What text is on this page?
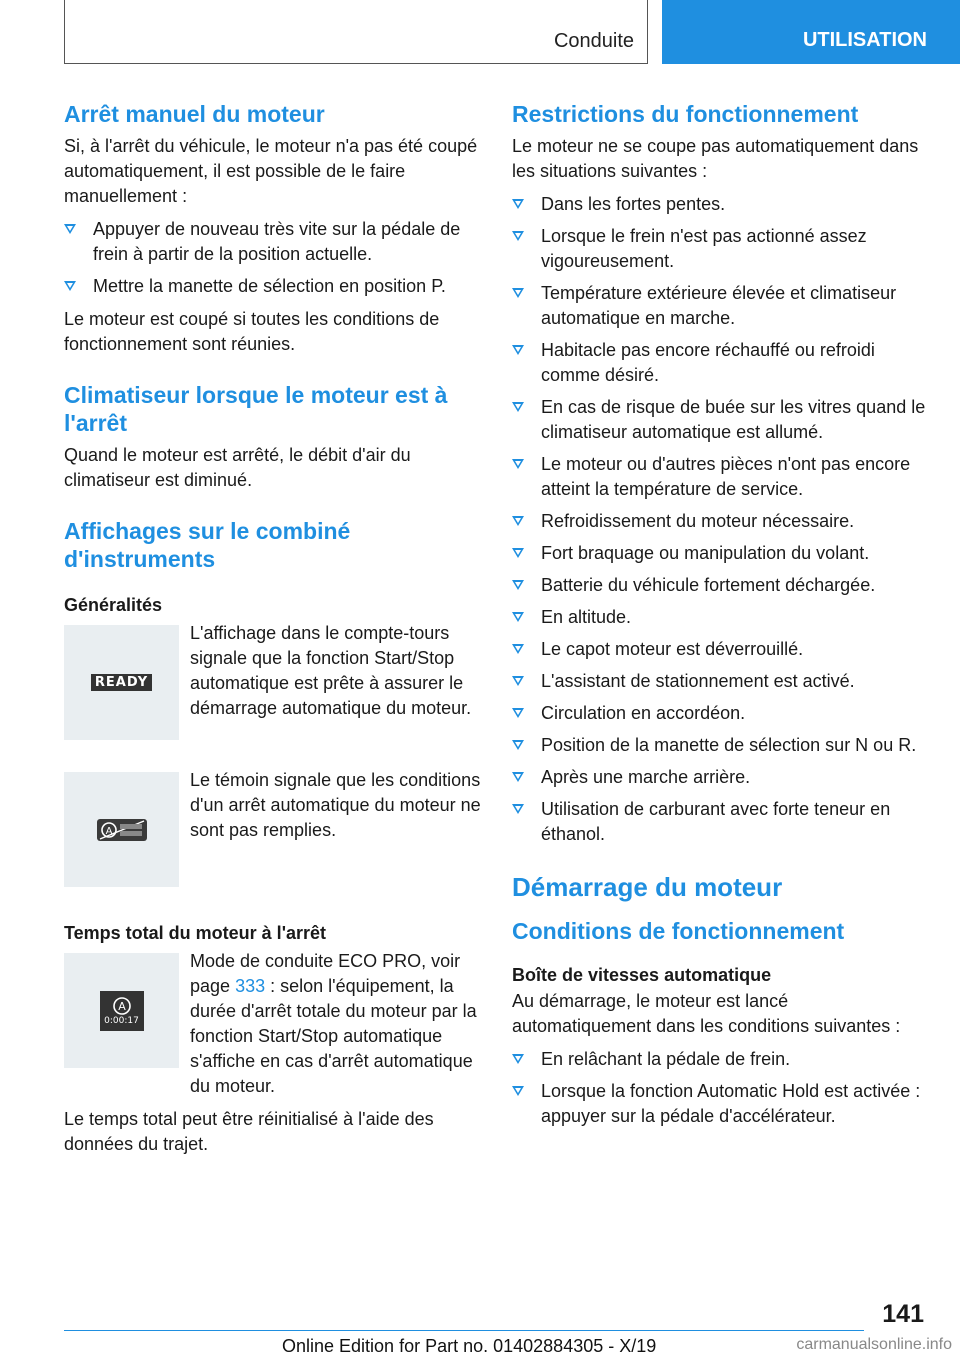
Conduite	UTILISATION
Arrêt manuel du moteur

Si, à l'arrêt du véhicule, le moteur n'a pas été coupé automatiquement, il est possible de le faire manuellement :

Appuyer de nouveau très vite sur la pédale de frein à partir de la position actuelle.
Mettre la manette de sélection en position P.

Le moteur est coupé si toutes les conditions de fonctionnement sont réunies.

Climatiseur lorsque le moteur est à l'arrêt

Quand le moteur est arrêté, le débit d'air du climatiseur est diminué.

Affichages sur le combiné d'instruments
Généralités
READY
L'affichage dans le compte-tours signale que la fonction Start/Stop automatique est prête à assurer le démarrage automatique du moteur.
A
Le témoin signale que les conditions d'un arrêt automatique du moteur ne sont pas remplies.
Temps total du moteur à l'arrêt
A
0:00:17
Mode de conduite ECO PRO, voir page 333 : selon l'équipement, la durée d'arrêt totale du moteur par la fonction Start/Stop automatique s'affiche en cas d'arrêt automatique du moteur.

Le temps total peut être réinitialisé à l'aide des données du trajet.

Restrictions du fonctionnement

Le moteur ne se coupe pas automatiquement dans les situations suivantes :

Dans les fortes pentes.
Lorsque le frein n'est pas actionné assez vigoureusement.
Température extérieure élevée et climatiseur automatique en marche.
Habitacle pas encore réchauffé ou refroidi comme désiré.
En cas de risque de buée sur les vitres quand le climatiseur automatique est allumé.
Le moteur ou d'autres pièces n'ont pas encore atteint la température de service.
Refroidissement du moteur nécessaire.
Fort braquage ou manipulation du volant.
Batterie du véhicule fortement déchargée.
En altitude.
Le capot moteur est déverrouillé.
L'assistant de stationnement est activé.
Circulation en accordéon.
Position de la manette de sélection sur N ou R.
Après une marche arrière.
Utilisation de carburant avec forte teneur en éthanol.
Démarrage du moteur
Conditions de fonctionnement
Boîte de vitesses automatique

Au démarrage, le moteur est lancé automatiquement dans les conditions suivantes :

En relâchant la pédale de frein.
Lorsque la fonction Automatic Hold est activée : appuyer sur la pédale d'accélérateur.
141
Online Edition for Part no. 01402884305 - X/19	carmanualsonline.info
